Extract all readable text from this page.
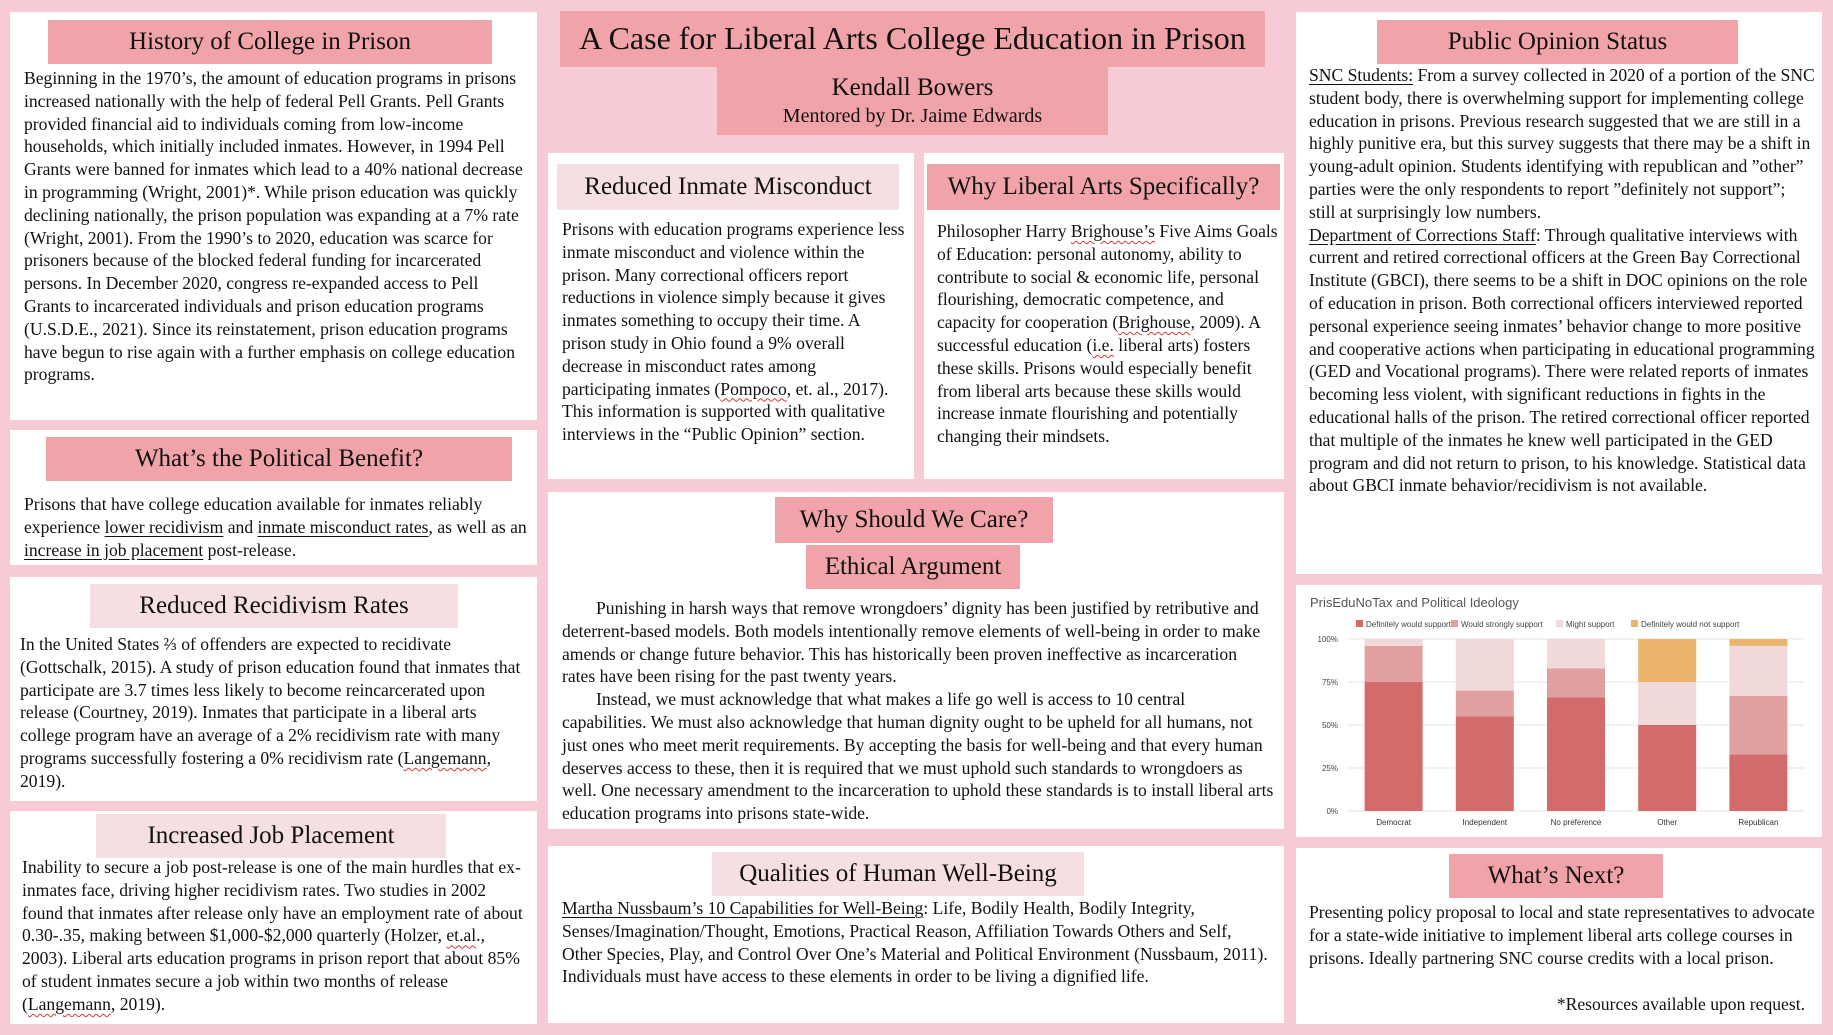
A Case for Liberal Arts College Education in Prison
Kendall Bowers
Mentored by Dr. Jaime Edwards
History of College in Prison
Beginning in the 1970’s, the amount of education programs in prisons increased nationally with the help of federal Pell Grants. Pell Grants provided financial aid to individuals coming from low-income households, which initially included inmates. However, in 1994 Pell Grants were banned for inmates which lead to a 40% national decrease in programming (Wright, 2001)*. While prison education was quickly declining nationally, the prison population was expanding at a 7% rate (Wright, 2001). From the 1990’s to 2020, education was scarce for prisoners because of the blocked federal funding for incarcerated persons. In December 2020, congress re-expanded access to Pell Grants to incarcerated individuals and prison education programs (U.S.D.E., 2021). Since its reinstatement, prison education programs have begun to rise again with a further emphasis on college education programs.
What’s the Political Benefit?
Prisons that have college education available for inmates reliably experience lower recidivism and inmate misconduct rates, as well as an increase in job placement post-release.
Reduced Recidivism Rates
In the United States ⅔ of offenders are expected to recidivate (Gottschalk, 2015). A study of prison education found that inmates that participate are 3.7 times less likely to become reincarcerated upon release (Courtney, 2019). Inmates that participate in a liberal arts college program have an average of a 2% recidivism rate with many programs successfully fostering a 0% recidivism rate (Langemann, 2019).
Increased Job Placement
Inability to secure a job post-release is one of the main hurdles that ex-inmates face, driving higher recidivism rates. Two studies in 2002 found that inmates after release only have an employment rate of about 0.30-.35, making between $1,000-$2,000 quarterly (Holzer, et.al., 2003). Liberal arts education programs in prison report that about 85% of student inmates secure a job within two months of release (Langemann, 2019).
Reduced Inmate Misconduct
Prisons with education programs experience less inmate misconduct and violence within the prison. Many correctional officers report reductions in violence simply because it gives inmates something to occupy their time. A prison study in Ohio found a 9% overall decrease in misconduct rates among participating inmates (Pompoco, et. al., 2017). This information is supported with qualitative interviews in the “Public Opinion” section.
Why Liberal Arts Specifically?
Philosopher Harry Brighouse’s Five Aims Goals of Education: personal autonomy, ability to contribute to social & economic life, personal flourishing, democratic competence, and capacity for cooperation (Brighouse, 2009). A successful education (i.e. liberal arts) fosters these skills. Prisons would especially benefit from liberal arts because these skills would increase inmate flourishing and potentially changing their mindsets.
Why Should We Care?
Ethical Argument
Punishing in harsh ways that remove wrongdoers’ dignity has been justified by retributive and deterrent-based models. Both models intentionally remove elements of well-being in order to make amends or change future behavior. This has historically been proven ineffective as incarceration rates have been rising for the past twenty years.
Instead, we must acknowledge that what makes a life go well is access to 10 central capabilities. We must also acknowledge that human dignity ought to be upheld for all humans, not just ones who meet merit requirements. By accepting the basis for well-being and that every human deserves access to these, then it is required that we must uphold such standards to wrongdoers as well. One necessary amendment to the incarceration to uphold these standards is to install liberal arts education programs into prisons state-wide.
Qualities of Human Well-Being
Martha Nussbaum’s 10 Capabilities for Well-Being: Life, Bodily Health, Bodily Integrity, Senses/Imagination/Thought, Emotions, Practical Reason, Affiliation Towards Others and Self, Other Species, Play, and Control Over One’s Material and Political Environment (Nussbaum, 2011). Individuals must have access to these elements in order to be living a dignified life.
Public Opinion Status
SNC Students: From a survey collected in 2020 of a portion of the SNC student body, there is overwhelming support for implementing college education in prisons. Previous research suggested that we are still in a highly punitive era, but this survey suggests that there may be a shift in young-adult opinion. Students identifying with republican and ”other” parties were the only respondents to report ”definitely not support”; still at surprisingly low numbers.
Department of Corrections Staff: Through qualitative interviews with current and retired correctional officers at the Green Bay Correctional Institute (GBCI), there seems to be a shift in DOC opinions on the role of education in prison. Both correctional officers interviewed reported personal experience seeing inmates’ behavior change to more positive and cooperative actions when participating in educational programming (GED and Vocational programs). There were related reports of inmates becoming less violent, with significant reductions in fights in the educational halls of the prison. The retired correctional officer reported that multiple of the inmates he knew well participated in the GED program and did not return to prison, to his knowledge. Statistical data about GBCI inmate behavior/recidivism is not available.
PrisEduNoTax and Political Ideology
Definitely would support Would strongly support	Might support	Definitely would not support
100%
75%
50%
25%
0%
Democrat	Independent	No preference	Other	Republican
What’s Next?
Presenting policy proposal to local and state representatives to advocate for a state-wide initiative to implement liberal arts college courses in prisons. Ideally partnering SNC course credits with a local prison.
*Resources available upon request.
